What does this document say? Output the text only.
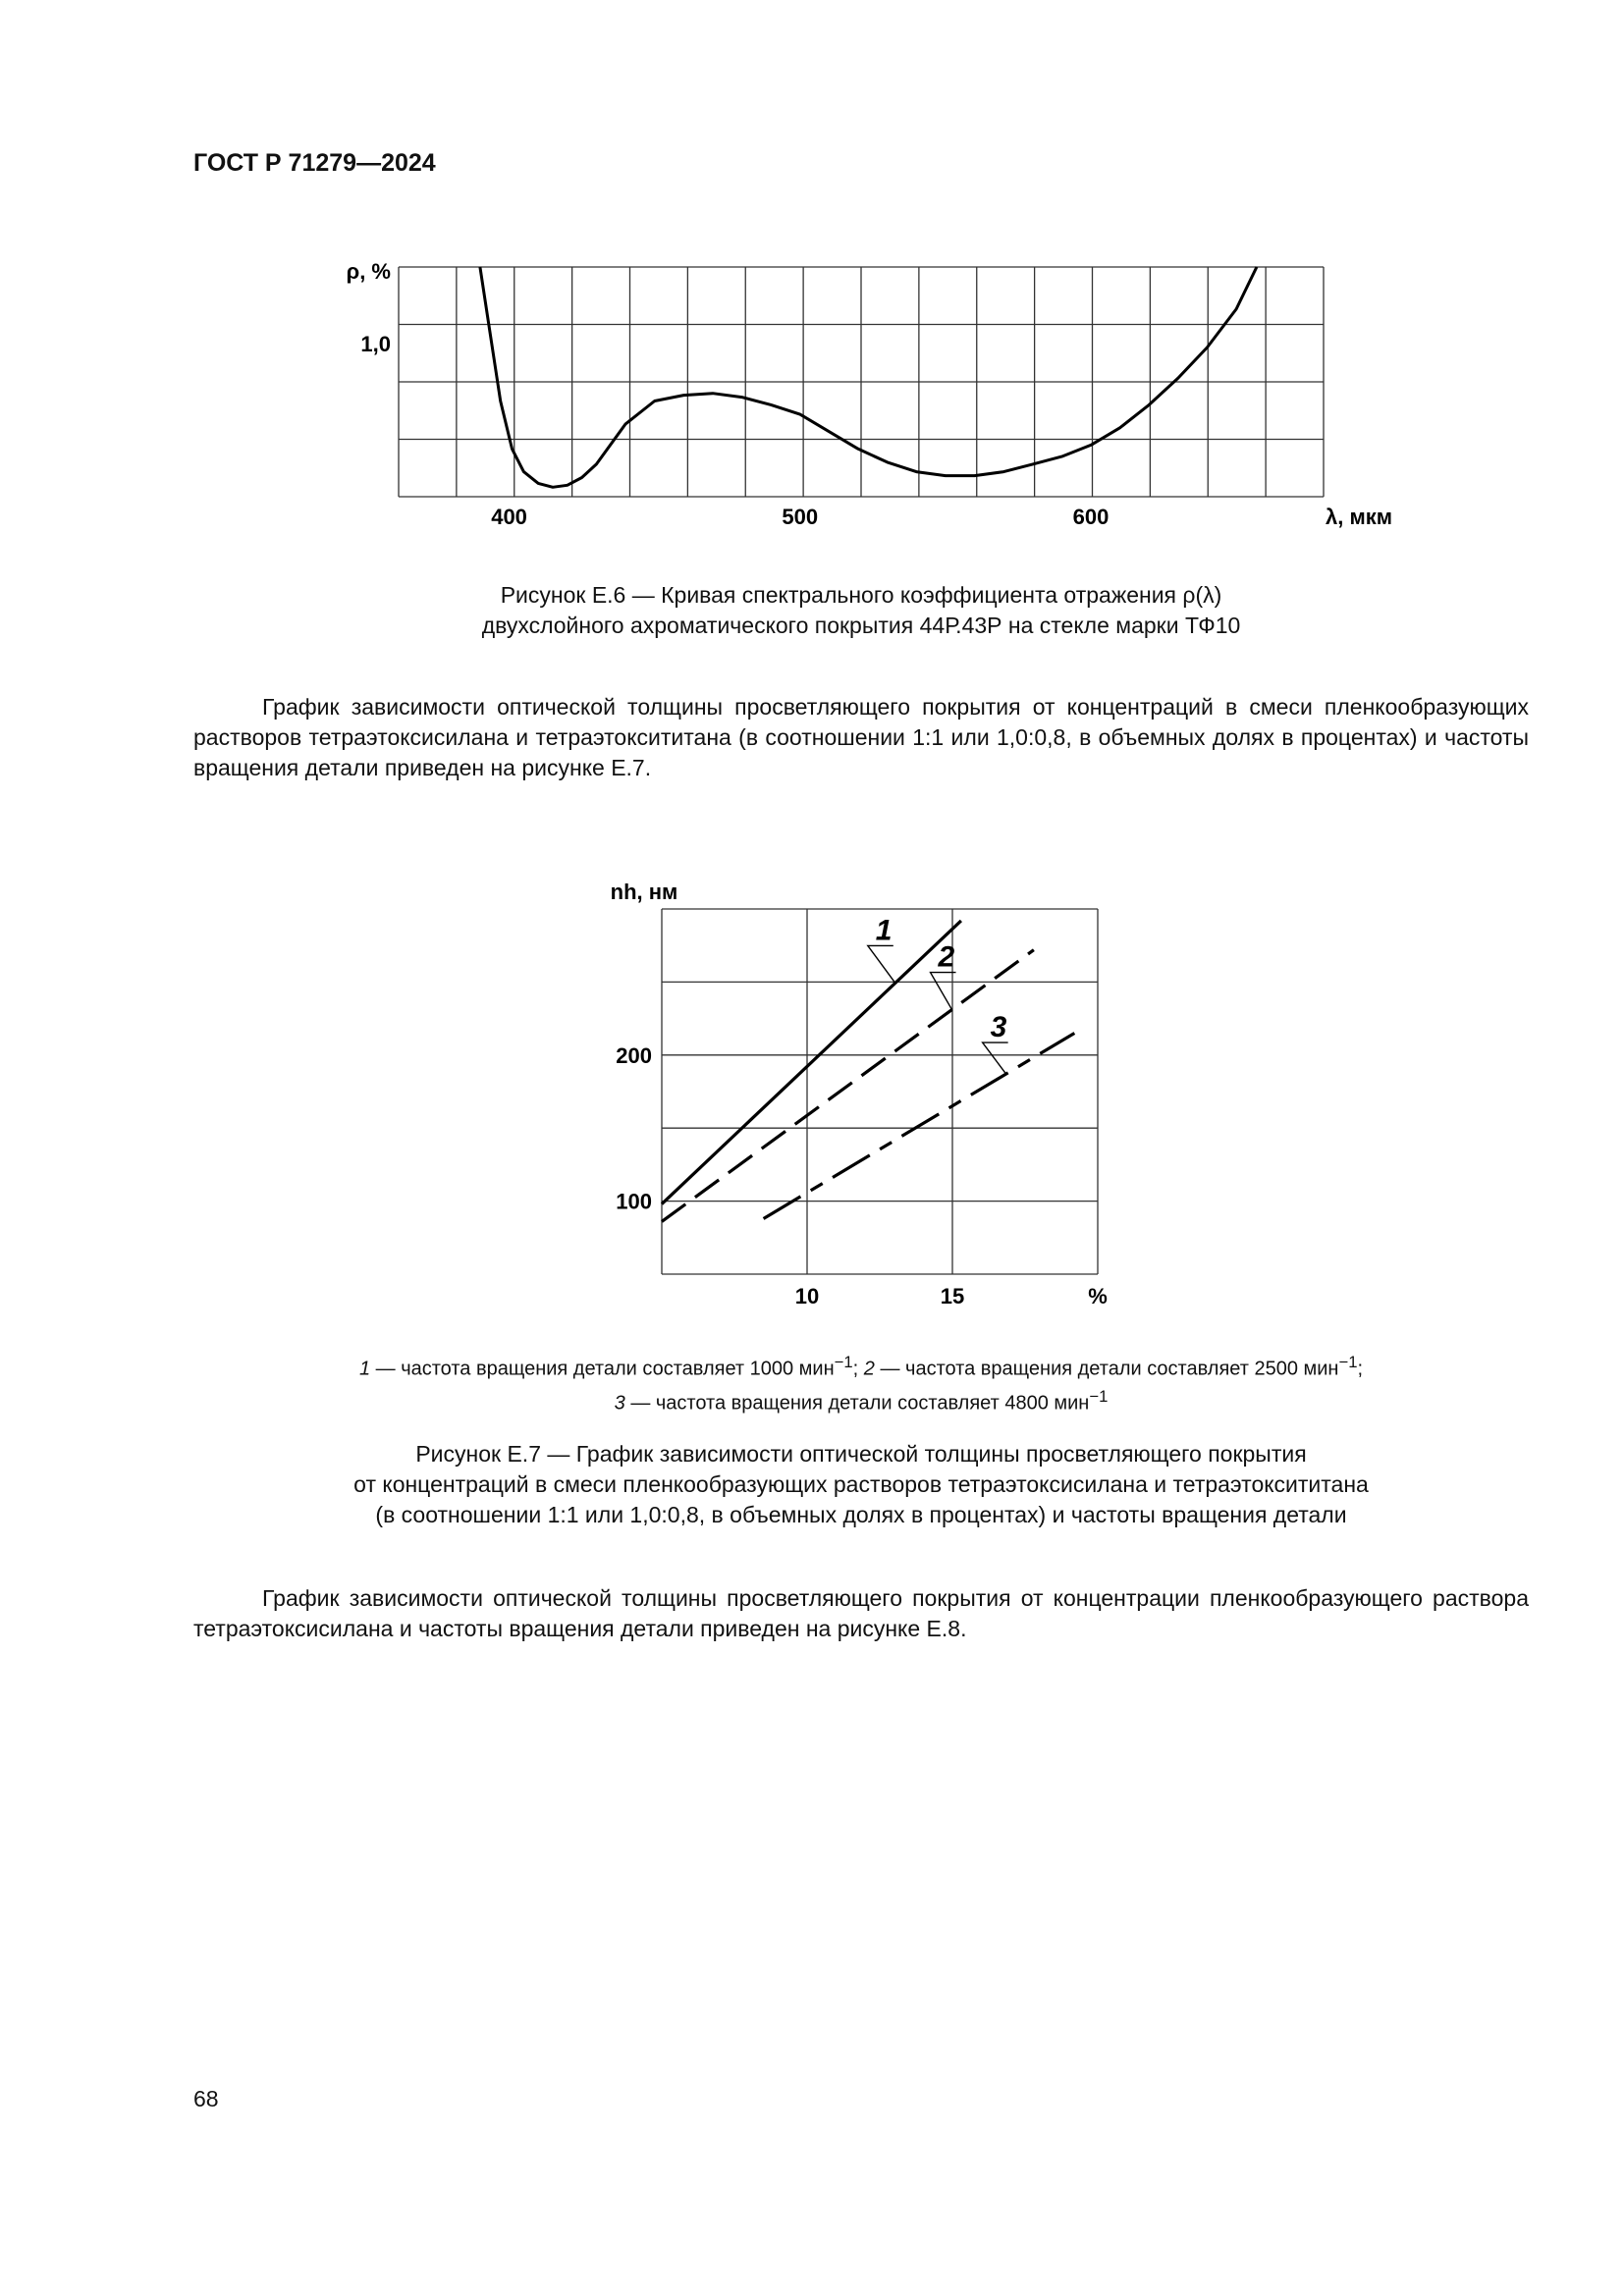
ГОСТ Р 71279—2024
400	500	600
1,0
ρ, %
λ, мкм
Рисунок Е.6 — Кривая спектрального коэффициента отражения ρ(λ)
двухслойного ахроматического покрытия 44Р.43Р на стекле марки ТФ10

График зависимости оптической толщины просветляющего покрытия от концентраций в смеси пленкообразующих растворов тетраэтоксисилана и тетраэтоксититана (в соотношении 1:1 или 1,0:0,8, в объемных долях в процентах) и частоты вращения детали приведен на рисунке Е.7.

1
2
3
10	15
100
200
nh, нм
%
1 — частота вращения детали составляет 1000 мин$^{-1}$; 2 — частота вращения детали составляет 2500 мин$^{-1}$;
3 — частота вращения детали составляет 4800 мин$^{-1}$
Рисунок Е.7 — График зависимости оптической толщины просветляющего покрытия
от концентраций в смеси пленкообразующих растворов тетраэтоксисилана и тетраэтоксититана
(в соотношении 1:1 или 1,0:0,8, в объемных долях в процентах) и частоты вращения детали

График зависимости оптической толщины просветляющего покрытия от концентрации пленкообразующего раствора тетраэтоксисилана и частоты вращения детали приведен на рисунке Е.8.

68
